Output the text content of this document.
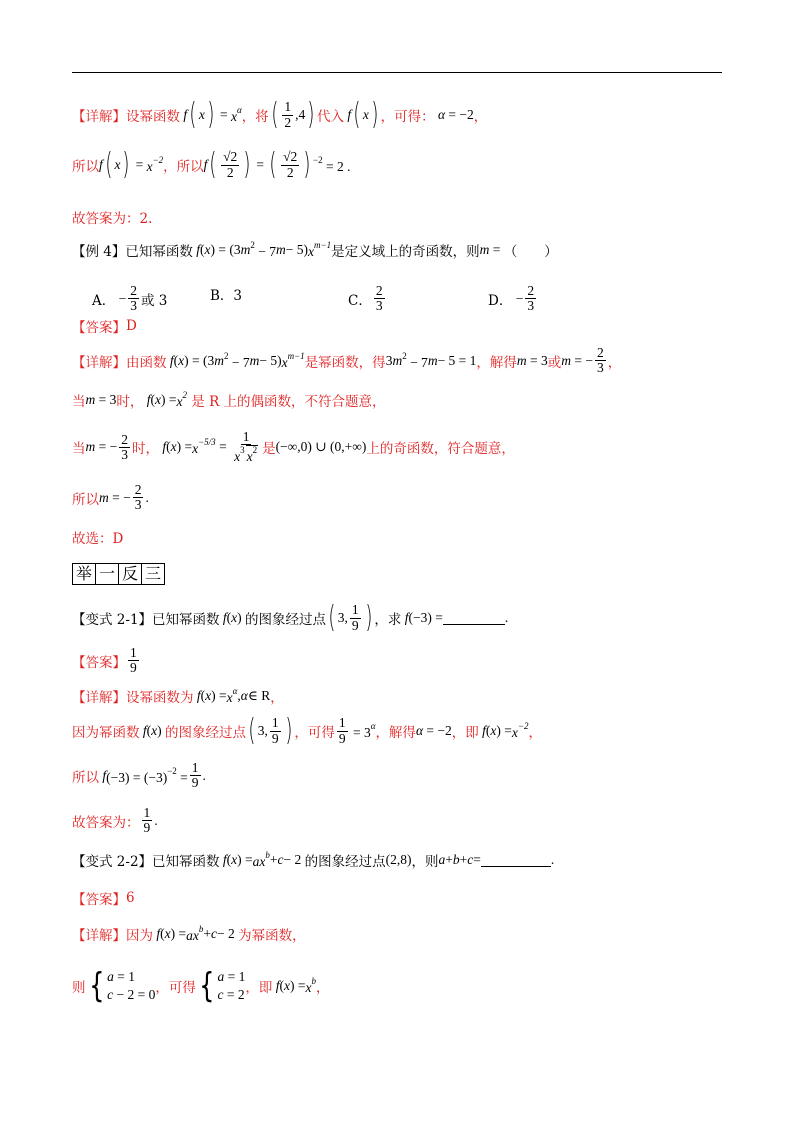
【详解】 设幂函数 f ( x ) = $x^\alpha$ ，将 ( $\frac{1}{2} ,4$ ) 代入 f ( x ) ，可得： α = −2 ，
所以 f ( x ) = $x^{-2}$ ，所以 f ( $\frac{√2}{2}$ ) = ( $\frac{√2}{2}$ ) $^{-2}$ = 2 .
故答案为：2.
【例 4】 已知幂函数 f ( x ) = (3 m $^2$ − 7 m − 5) $x^{m-1}$ 是定义域上的奇函数，则 m = （　　）
A． − $\frac{2}{3}$ 或 3	B．3	C． $\frac{2}{3}$	D． − $\frac{2}{3}$
【答案】 D
【详解】 由函数 f ( x ) = (3 m $^2$ − 7 m − 5) $x^{m-1}$ 是幂函数，得 3 m $^2$ − 7 m − 5 = 1 ，解得 m = 3 或 m = − $\frac{2}{3}$ ，
当 m = 3 时， f ( x ) = $x^2$
是 R 上的偶函数，不符合题意，
当 m = − $\frac{2}{3}$ 时， f ( x ) = $x^{-5/3} = \frac{1}{x^3 x^2}$ 是 (−∞,0) ∪ (0,+∞) 上的奇函数，符合题意，
所以 m = − $\frac{2}{3}$ .
故选：D
举 一 反 三
【变式 2-1】 已知幂函数 f ( x ) 的图象经过点 ( 3, $\frac{1}{9}$ ) ，求 f (−3) =	.
【答案】 $\frac{1}{9}$
【详解】 设幂函数为 f ( x ) = $x^\alpha$ , α ∈ R ，
因为幂函数 f ( x ) 的图象经过点 ( 3, $\frac{1}{9}$ ) ，可得 $\frac{1}{9} = 3^\alpha$ ，解得 α = −2 ，即 f ( x ) = $x^{-2}$ ，
所以 f $(-3) = (-3)^{-2} = \frac{1}{9}$ .
故答案为： $\frac{1}{9}$ .
【变式 2-2】 已知幂函数 f ( x ) = $ax^b + c - 2$ 的图象经过点 (2,8) ，则 a + b + c =	.
【答案】 6
【详解】 因为 f ( x ) = $ax^b + c - 2$ 为幂函数，
则 { a = 1
c − 2 = 0 ，可得 { a = 1
c = 2 ，即 f ( x ) = $x^b$ ，
